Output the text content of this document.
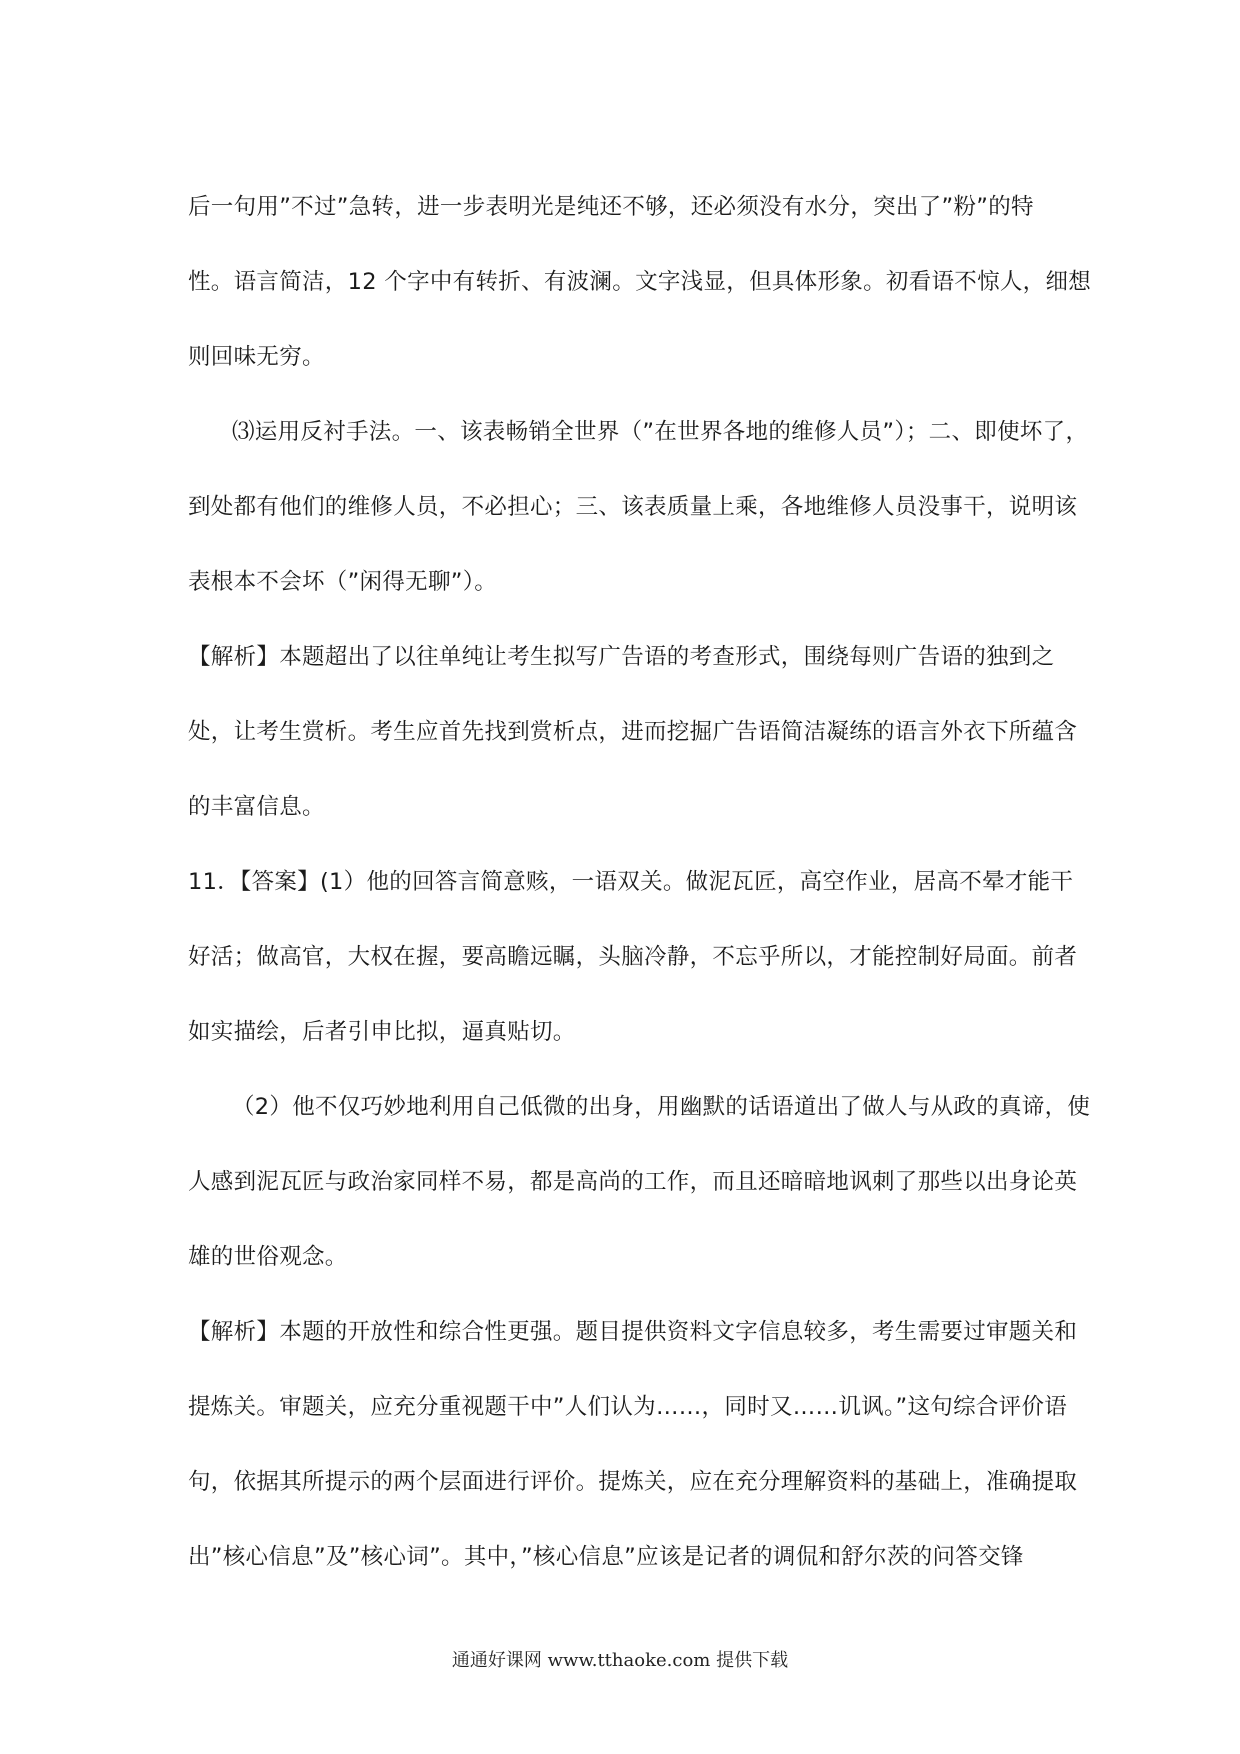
后一句用”不过”急转，进一步表明光是纯还不够，还必须没有水分，突出了”粉”的特
性。语言简洁，12 个字中有转折、有波澜。文字浅显，但具体形象。初看语不惊人，细想
则回味无穷。
⑶运用反衬手法。一、该表畅销全世界（”在世界各地的维修人员”）；二、即使坏了，
到处都有他们的维修人员，不必担心；三、该表质量上乘，各地维修人员没事干，说明该
表根本不会坏（”闲得无聊”）。
【解析】本题超出了以往单纯让考生拟写广告语的考查形式，围绕每则广告语的独到之
处，让考生赏析。考生应首先找到赏析点，进而挖掘广告语简洁凝练的语言外衣下所蕴含
的丰富信息。
11．【答案】(1）他的回答言简意赅，一语双关。做泥瓦匠，高空作业，居高不晕才能干
好活；做高官，大权在握，要高瞻远瞩，头脑冷静，不忘乎所以，才能控制好局面。前者
如实描绘，后者引申比拟，逼真贴切。
（2）他不仅巧妙地利用自己低微的出身，用幽默的话语道出了做人与从政的真谛，使
人感到泥瓦匠与政治家同样不易，都是高尚的工作，而且还暗暗地讽刺了那些以出身论英
雄的世俗观念。
【解析】本题的开放性和综合性更强。题目提供资料文字信息较多，考生需要过审题关和
提炼关。审题关，应充分重视题干中”人们认为……，同时又……讥讽。”这句综合评价语
句，依据其所提示的两个层面进行评价。提炼关，应在充分理解资料的基础上，准确提取
出”核心信息”及”核心词”。其中，”核心信息”应该是记者的调侃和舒尔茨的问答交锋
通通好课网 www.tthaoke.com 提供下载
